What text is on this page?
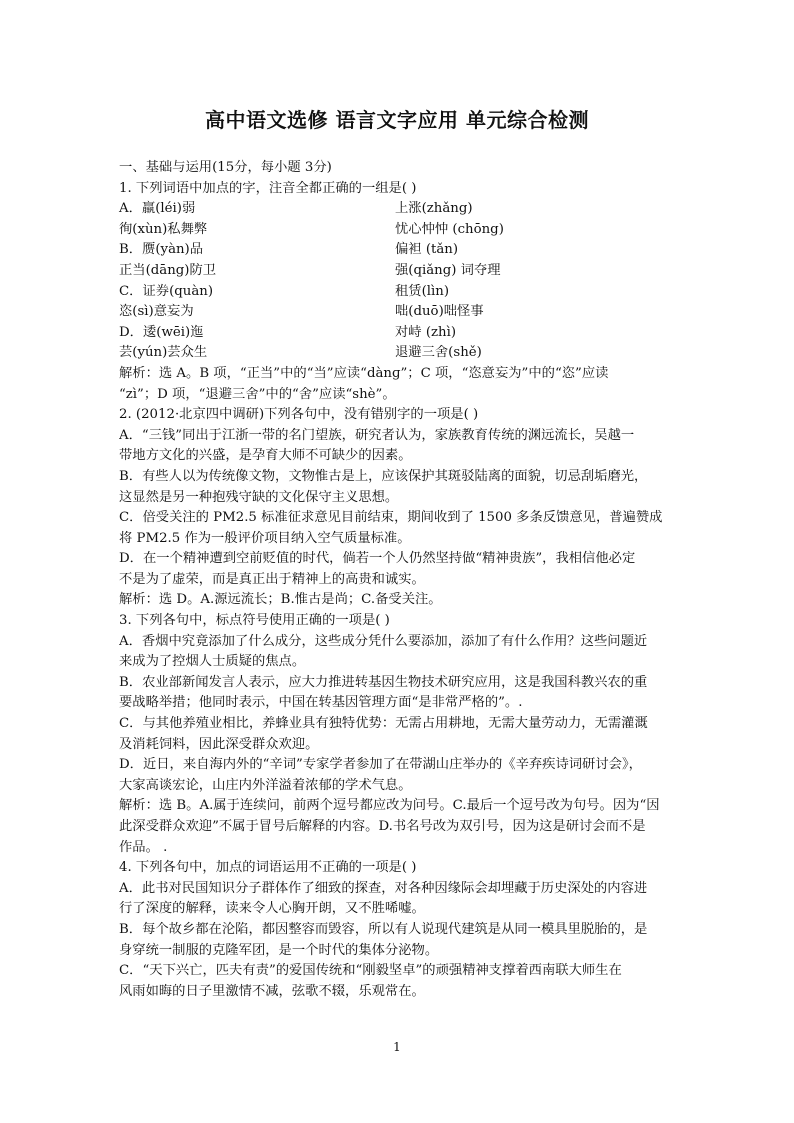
高中语文选修 语言文字应用 单元综合检测
一、基础与运用(15分，每小题 3分)
1. 下列词语中加点的字，注音全都正确的一组是( )
A．羸(léi)弱	上涨(zhǎng)
徇(xùn)私舞弊	忧心忡忡 (chōng)
B．赝(yàn)品	偏袒 (tǎn)
正当(dāng)防卫	强(qiǎng) 词夺理
C．证券(quàn)	租赁(lìn)
恣(sì)意妄为	咄(duō)咄怪事
D．逶(wēi)迤	对峙 (zhì)
芸(yún)芸众生	退避三舍(shě)
解析：选 A。B 项，“正当”中的“当”应读“dànɡ”；C 项，“恣意妄为”中的“恣”应读
“zì”；D 项，“退避三舍”中的“舍”应读“shè”。
2. (2012·北京四中调研)下列各句中，没有错别字的一项是( )
A．“三钱”同出于江浙一带的名门望族，研究者认为，家族教育传统的渊远流长，吴越一
带地方文化的兴盛，是孕育大师不可缺少的因素。
B．有些人以为传统像文物，文物惟古是上，应该保护其斑驳陆离的面貌，切忌刮垢磨光，
这显然是另一种抱残守缺的文化保守主义思想。
C．倍受关注的 PM2.5 标准征求意见目前结束，期间收到了 1500 多条反馈意见，普遍赞成
将 PM2.5 作为一般评价项目纳入空气质量标准。
D．在一个精神遭到空前贬值的时代，倘若一个人仍然坚持做“精神贵族”，我相信他必定
不是为了虚荣，而是真正出于精神上的高贵和诚实。
解析：选 D。A.源远流长；B.惟古是尚；C.备受关注。
3. 下列各句中，标点符号使用正确的一项是( )
A．香烟中究竟添加了什么成分，这些成分凭什么要添加，添加了有什么作用？这些问题近
来成为了控烟人士质疑的焦点。
B．农业部新闻发言人表示，应大力推进转基因生物技术研究应用，这是我国科教兴农的重
要战略举措；他同时表示，中国在转基因管理方面“是非常严格的”。.
C．与其他养殖业相比，养蜂业具有独特优势：无需占用耕地，无需大量劳动力，无需灌溉
及消耗饲料，因此深受群众欢迎。
D．近日，来自海内外的“辛词”专家学者参加了在带湖山庄举办的《辛弃疾诗词研讨会》，
大家高谈宏论，山庄内外洋溢着浓郁的学术气息。
解析：选 B。A.属于连续问，前两个逗号都应改为问号。C.最后一个逗号改为句号。因为“因
此深受群众欢迎”不属于冒号后解释的内容。D.书名号改为双引号，因为这是研讨会而不是
作品。 .
4. 下列各句中，加点的词语运用不正确的一项是( )
A．此书对民国知识分子群体作了细致的探查，对各种因缘际会却埋藏于历史深处的内容进
行了深度的解释，读来令人心胸开朗，又不胜唏嘘。
B．每个故乡都在沦陷，都因整容而毁容，所以有人说现代建筑是从同一模具里脱胎的，是
身穿统一制服的克隆军团，是一个时代的集体分泌物。
C．“天下兴亡，匹夫有责”的爱国传统和“刚毅坚卓”的顽强精神支撑着西南联大师生在
风雨如晦的日子里激情不减，弦歌不辍，乐观常在。
1
